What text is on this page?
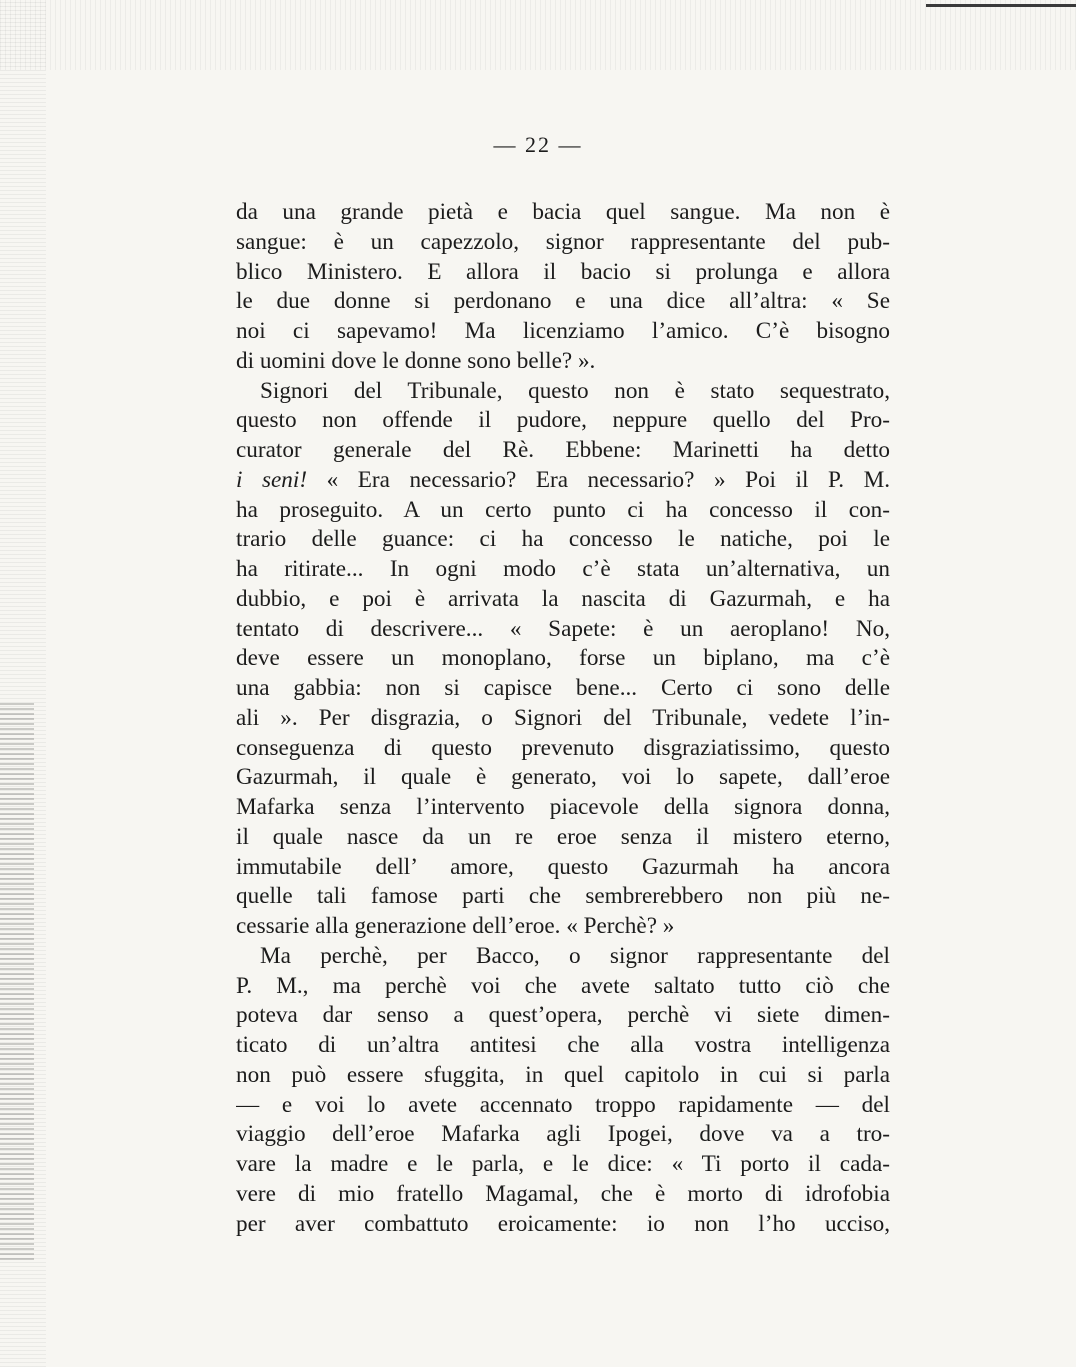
— 22 —
da una grande pietà e bacia quel sangue. Ma non è
sangue: è un capezzolo, signor rappresentante del pub-
blico Ministero. E allora il bacio si prolunga e allora
le due donne si perdonano e una dice all’altra: « Se
noi ci sapevamo! Ma licenziamo l’amico. C’è bisogno
di uomini dove le donne sono belle? ».
Signori del Tribunale, questo non è stato sequestrato,
questo non offende il pudore, neppure quello del Pro-
curator generale del Rè. Ebbene: Marinetti ha detto
i seni! « Era necessario? Era necessario? » Poi il P. M.
ha proseguito. A un certo punto ci ha concesso il con-
trario delle guance: ci ha concesso le natiche, poi le
ha ritirate... In ogni modo c’è stata un’alternativa, un
dubbio, e poi è arrivata la nascita di Gazurmah, e ha
tentato di descrivere... « Sapete: è un aeroplano! No,
deve essere un monoplano, forse un biplano, ma c’è
una gabbia: non si capisce bene... Certo ci sono delle
ali ». Per disgrazia, o Signori del Tribunale, vedete l’in-
conseguenza di questo prevenuto disgraziatissimo, questo
Gazurmah, il quale è generato, voi lo sapete, dall’eroe
Mafarka senza l’intervento piacevole della signora donna,
il quale nasce da un re eroe senza il mistero eterno,
immutabile dell’ amore, questo Gazurmah ha ancora
quelle tali famose parti che sembrerebbero non più ne-
cessarie alla generazione dell’eroe. « Perchè? »
Ma perchè, per Bacco, o signor rappresentante del
P. M., ma perchè voi che avete saltato tutto ciò che
poteva dar senso a quest’opera, perchè vi siete dimen-
ticato di un’altra antitesi che alla vostra intelligenza
non può essere sfuggita, in quel capitolo in cui si parla
— e voi lo avete accennato troppo rapidamente — del
viaggio dell’eroe Mafarka agli Ipogei, dove va a tro-
vare la madre e le parla, e le dice: « Ti porto il cada-
vere di mio fratello Magamal, che è morto di idrofobia
per aver combattuto eroicamente: io non l’ho ucciso,
